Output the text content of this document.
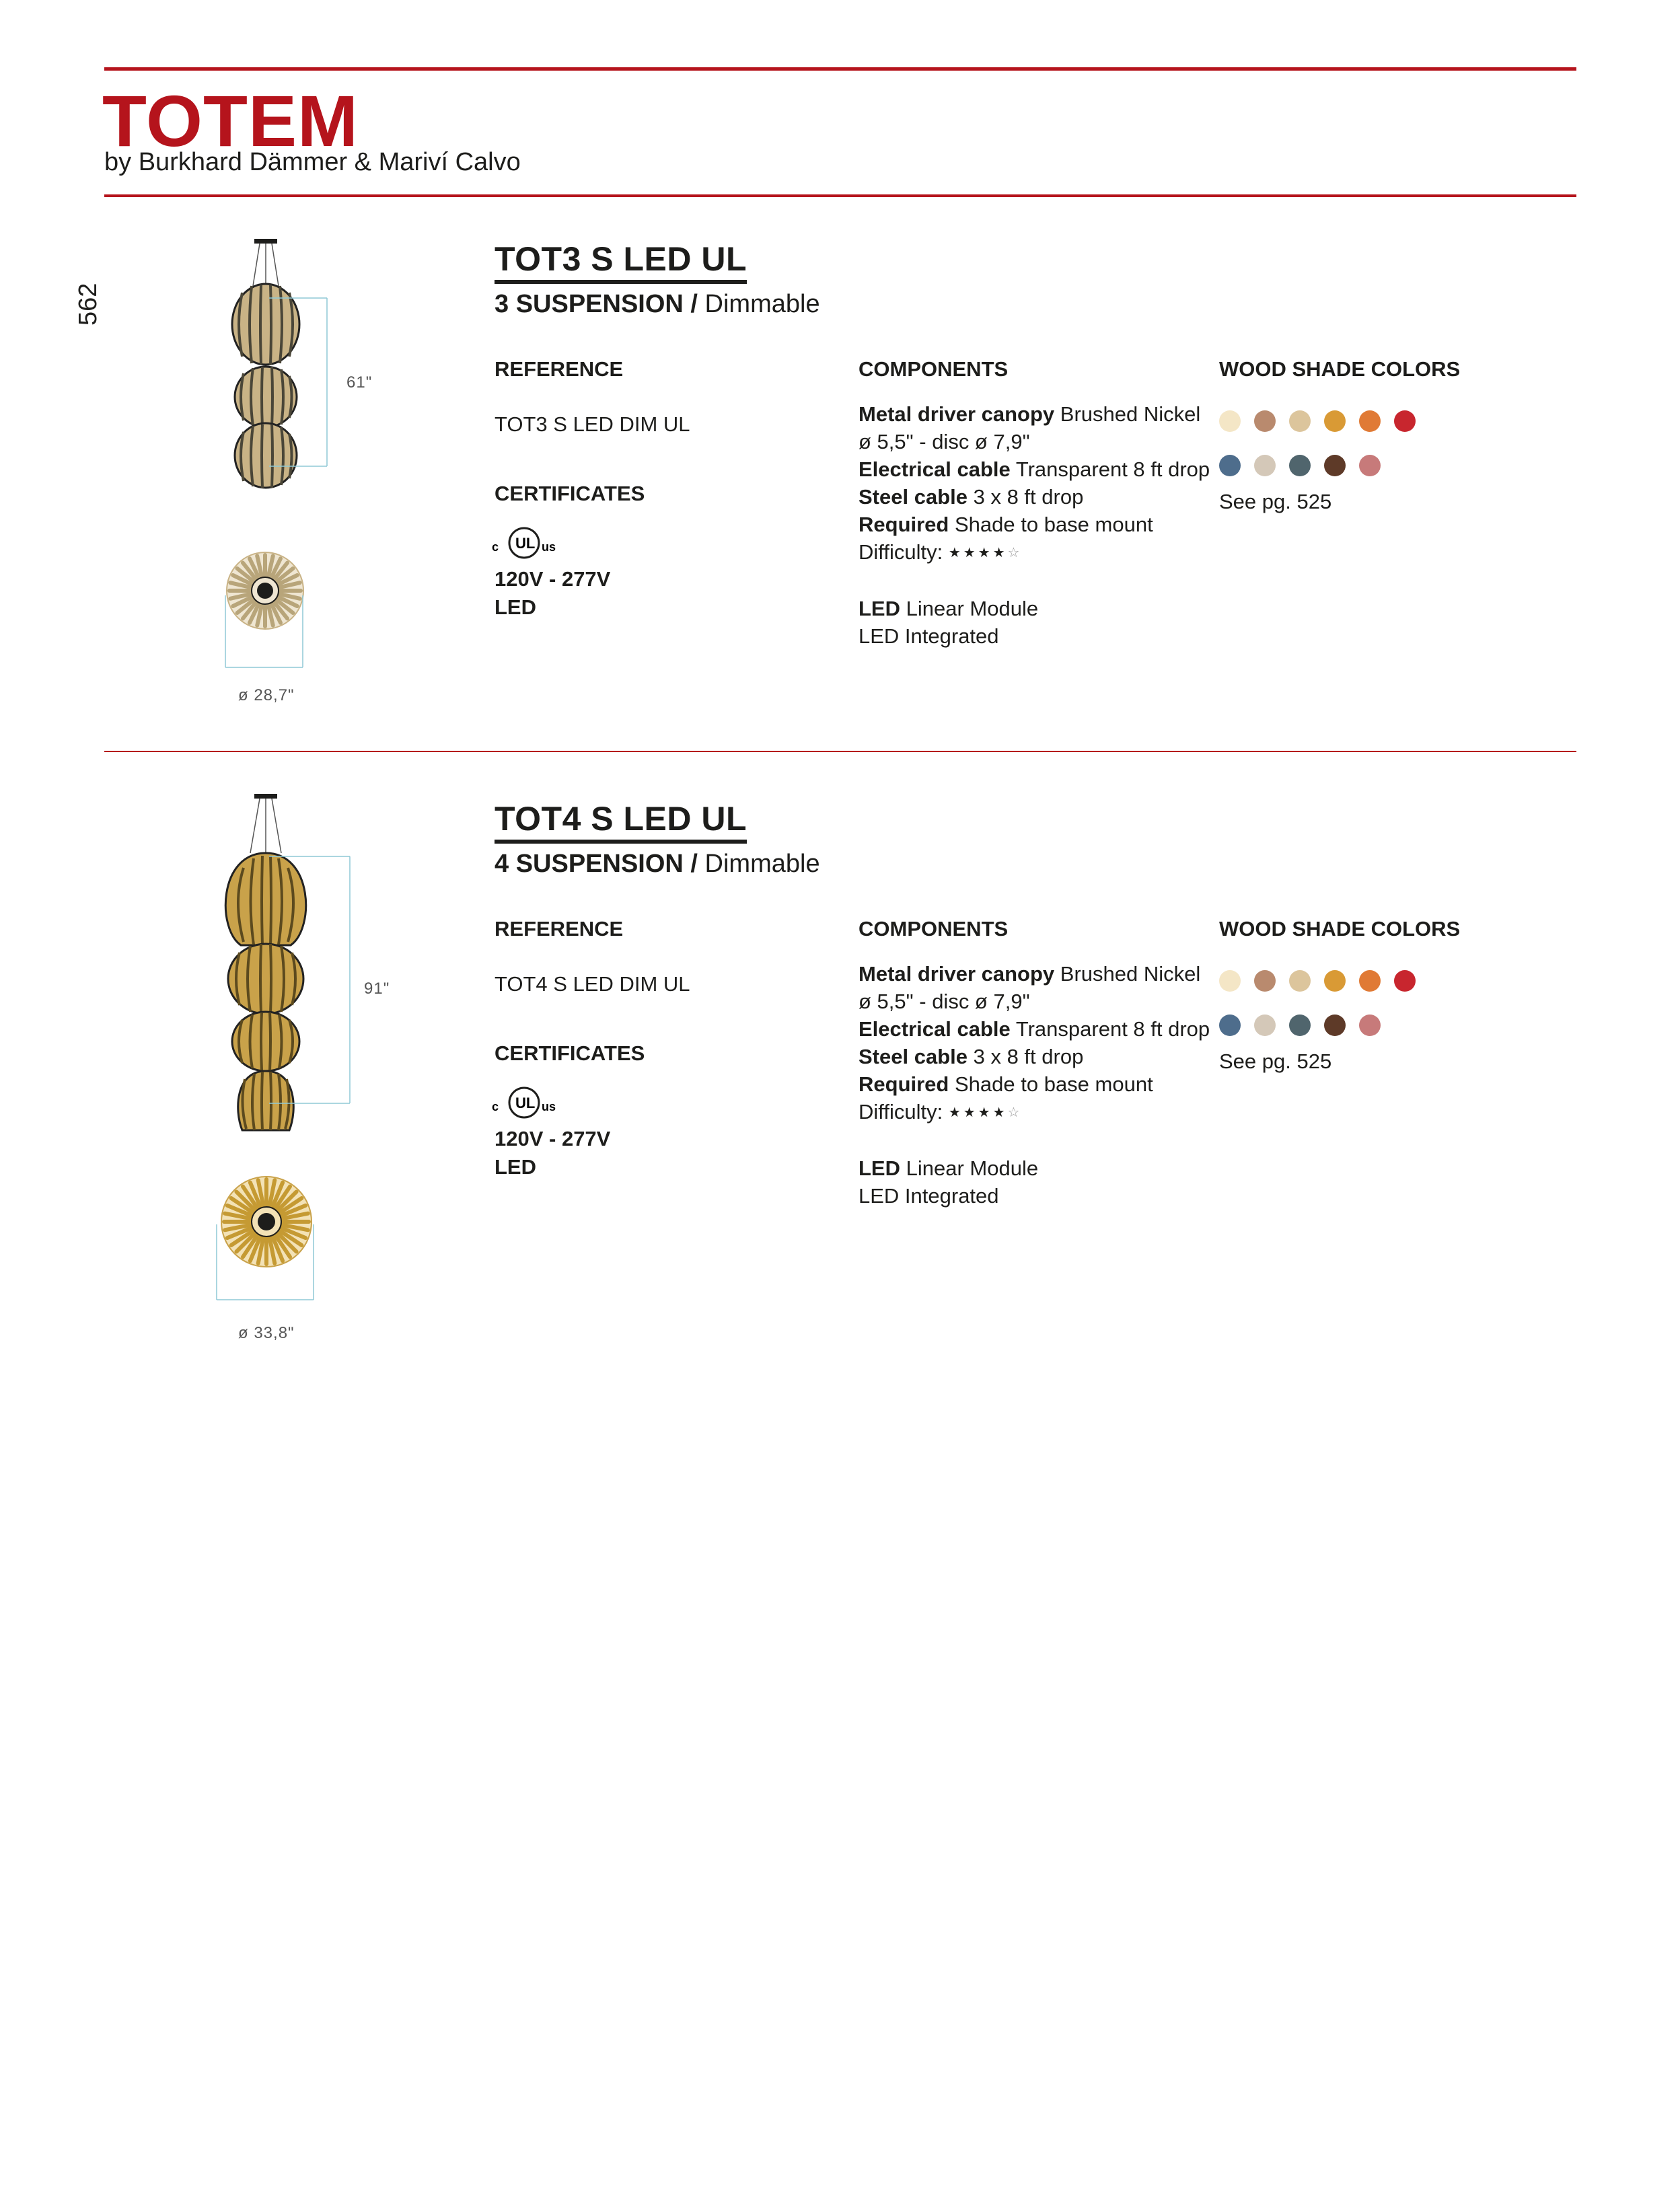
TOTEM
by Burkhard Dämmer & Mariví Calvo
562
61"
ø 28,7"
TOT3 S LED UL
3 SUSPENSION / Dimmable
REFERENCE
TOT3 S LED DIM UL
CERTIFICATES
c UL us
120V - 277V
LED
COMPONENTS
Metal driver canopy Brushed Nickel
ø 5,5" - disc ø 7,9"
Electrical cable Transparent 8 ft drop
Steel cable 3 x 8 ft drop
Required Shade to base mount
Difficulty: ★★★★☆

LED Linear Module
LED Integrated
WOOD SHADE COLORS
See pg. 525
91"
ø 33,8"
TOT4 S LED UL
4 SUSPENSION / Dimmable
REFERENCE
TOT4 S LED DIM UL
CERTIFICATES
c UL us
120V - 277V
LED
COMPONENTS
Metal driver canopy Brushed Nickel
ø 5,5" - disc ø 7,9"
Electrical cable Transparent 8 ft drop
Steel cable 3 x 8 ft drop
Required Shade to base mount
Difficulty: ★★★★☆

LED Linear Module
LED Integrated
WOOD SHADE COLORS
See pg. 525
